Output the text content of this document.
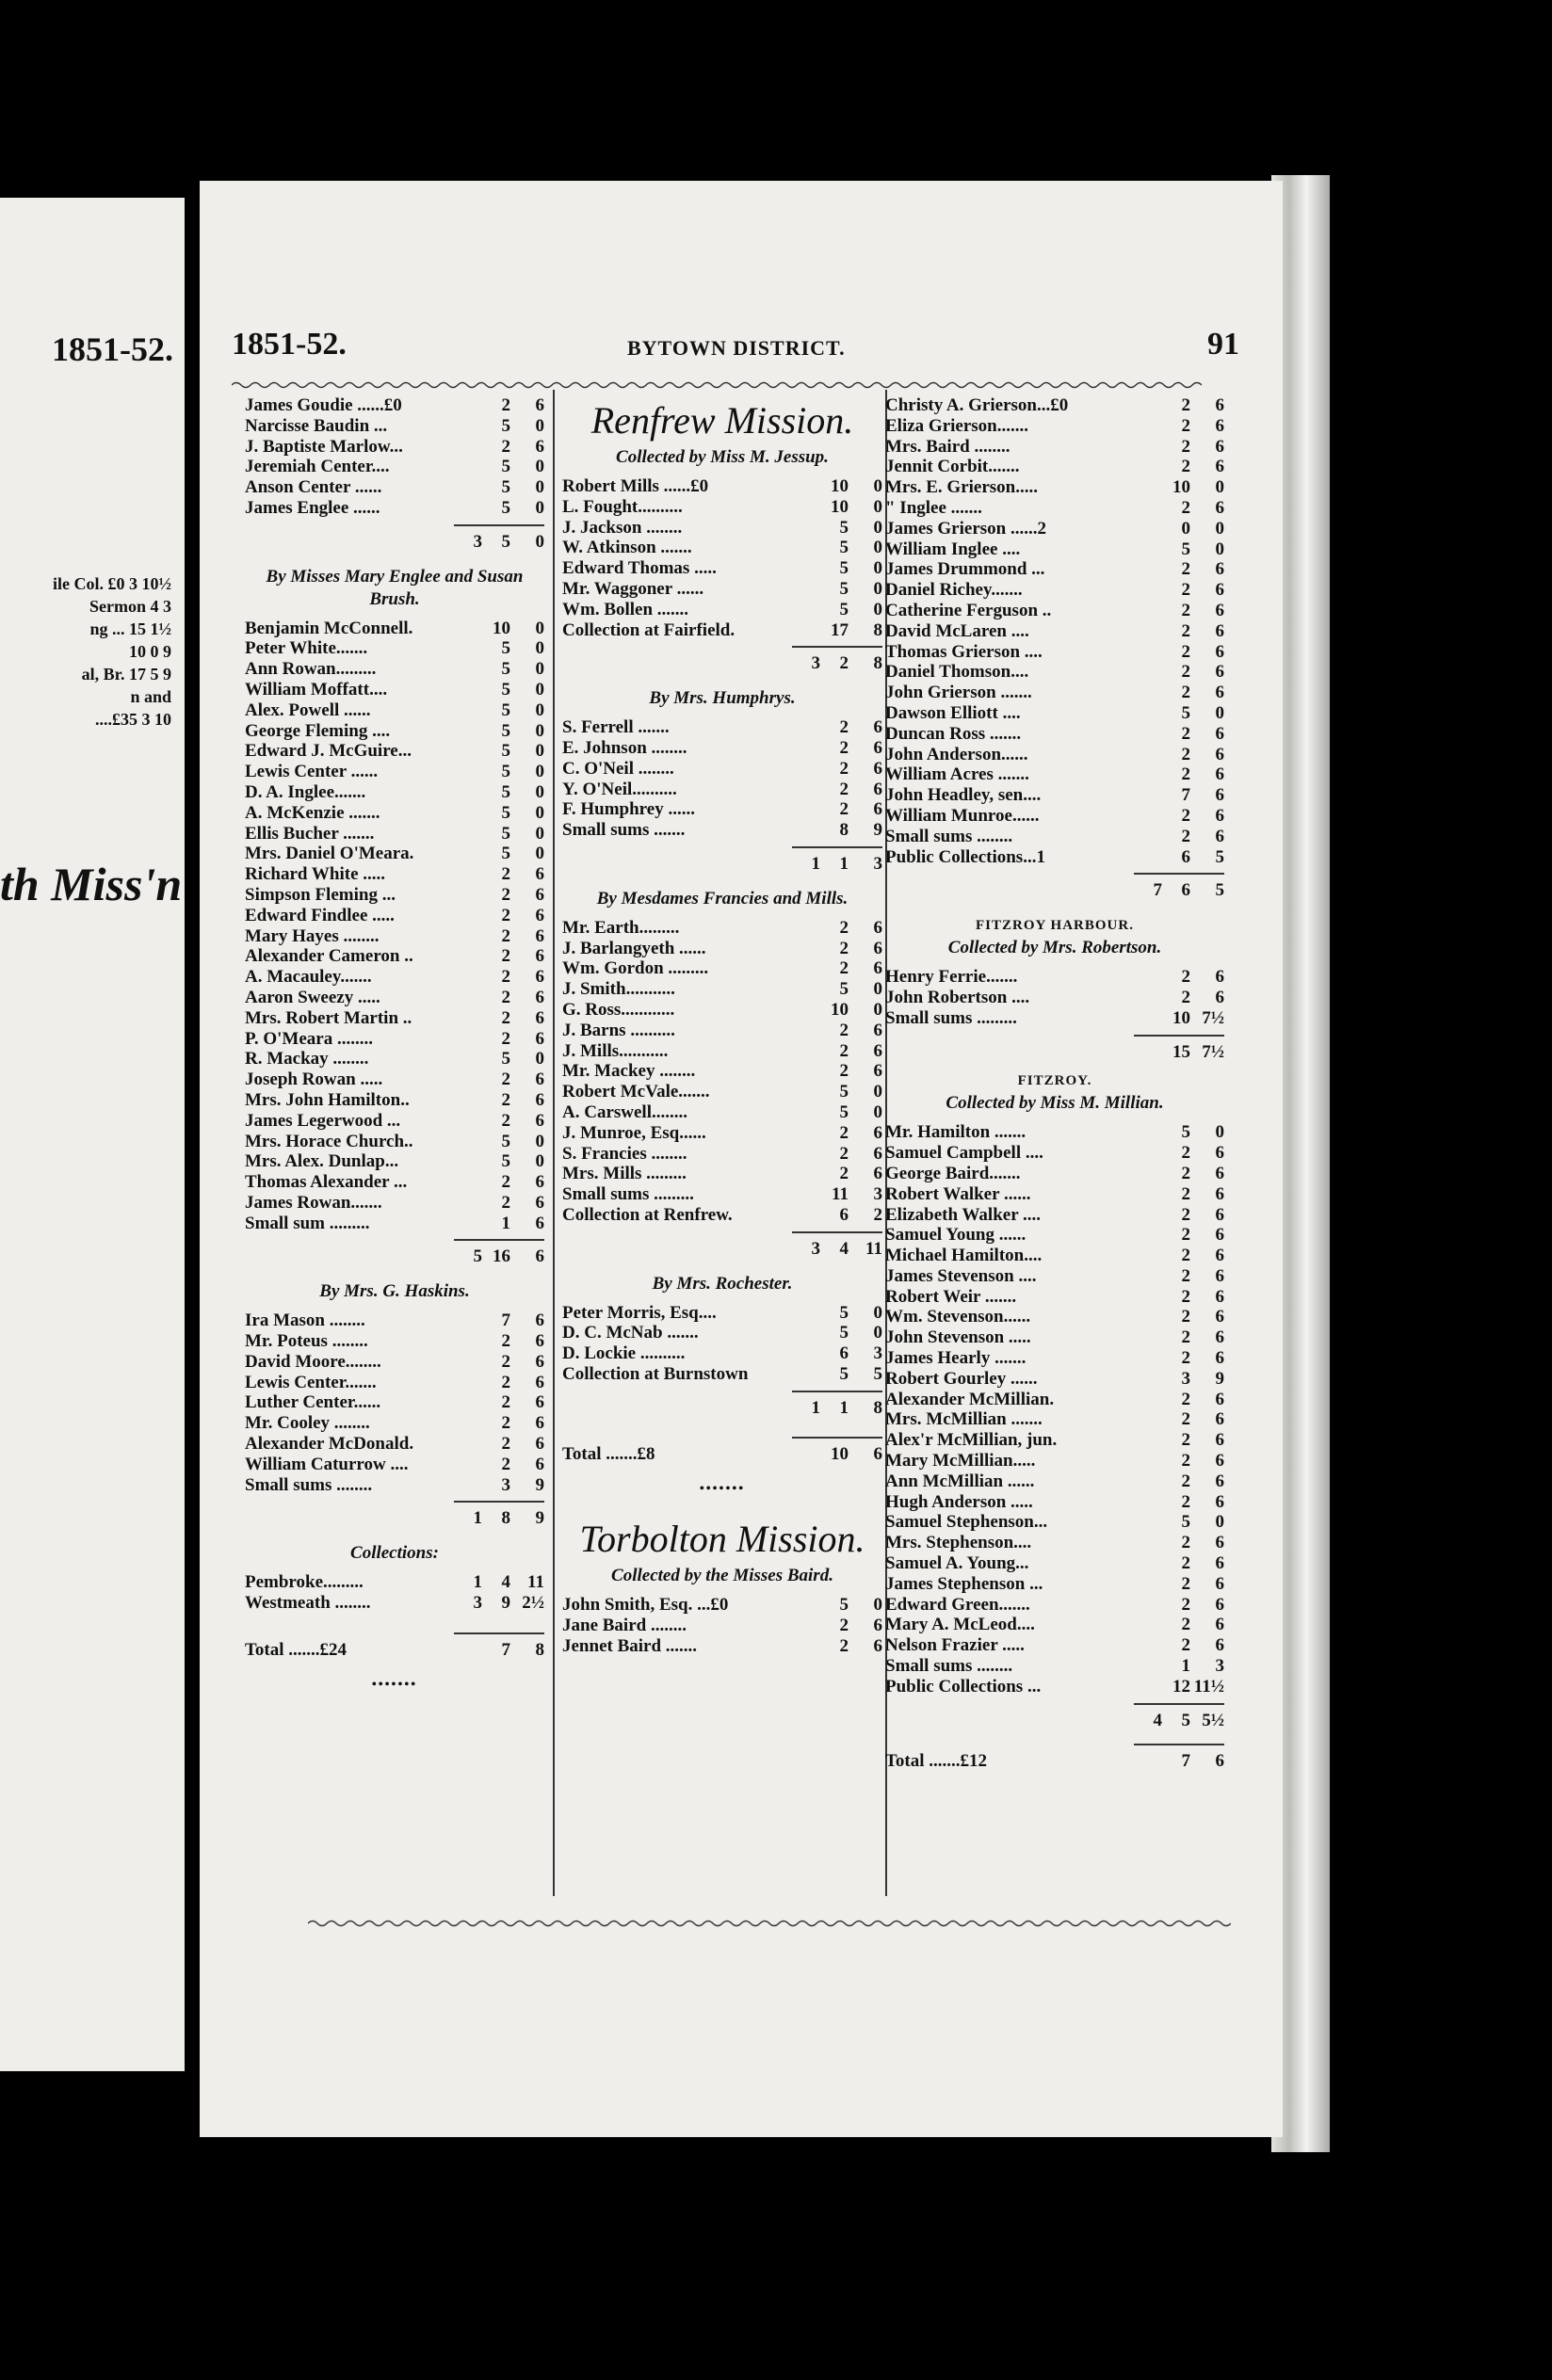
1851-52.
ile Col. £0 3 10½
Sermon 4 3
ng ... 15 1½
10 0 9
al, Br. 17 5 9
n and
....£35 3 10
th Miss'n
1851-52.	BYTOWN DISTRICT.	91
James Goudie ......£0	2	6
Narcisse Baudin ...	5	0
J. Baptiste Marlow...	2	6
Jeremiah Center....	5	0
Anson Center ......	5	0
James Englee ......	5	0
3	5	0
By Misses Mary Englee and Susan Brush.
Benjamin McConnell.	10	0
Peter White.......	5	0
Ann Rowan.........	5	0
William Moffatt....	5	0
Alex. Powell ......	5	0
George Fleming ....	5	0
Edward J. McGuire...	5	0
Lewis Center ......	5	0
D. A. Inglee.......	5	0
A. McKenzie .......	5	0
Ellis Bucher .......	5	0
Mrs. Daniel O'Meara.	5	0
Richard White .....	2	6
Simpson Fleming ...	2	6
Edward Findlee .....	2	6
Mary Hayes ........	2	6
Alexander Cameron ..	2	6
A. Macauley.......	2	6
Aaron Sweezy .....	2	6
Mrs. Robert Martin ..	2	6
P. O'Meara ........	2	6
R. Mackay ........	5	0
Joseph Rowan .....	2	6
Mrs. John Hamilton..	2	6
James Legerwood ...	2	6
Mrs. Horace Church..	5	0
Mrs. Alex. Dunlap...	5	0
Thomas Alexander ...	2	6
James Rowan.......	2	6
Small sum .........	1	6
5 16	6
By Mrs. G. Haskins.
Ira Mason ........	7	6
Mr. Poteus ........	2	6
David Moore........	2	6
Lewis Center.......	2	6
Luther Center......	2	6
Mr. Cooley ........	2	6
Alexander McDonald.	2	6
William Caturrow ....	2	6
Small sums ........	3	9
1	8	9
Collections:
Pembroke.........	1	4 11
Westmeath ........	3	9 2½
Total .......£24	7	8
•••••••
Renfrew Mission.
Collected by Miss M. Jessup.
Robert Mills ......£0	10	0
L. Fought..........	10	0
J. Jackson ........	5	0
W. Atkinson .......	5	0
Edward Thomas .....	5	0
Mr. Waggoner ......	5	0
Wm. Bollen .......	5	0
Collection at Fairfield.	17	8
3	2	8
By Mrs. Humphrys.
S. Ferrell .......	2	6
E. Johnson ........	2	6
C. O'Neil ........	2	6
Y. O'Neil..........	2	6
F. Humphrey ......	2	6
Small sums .......	8	9
1	1	3
By Mesdames Francies and Mills.
Mr. Earth.........	2	6
J. Barlangyeth ......	2	6
Wm. Gordon .........	2	6
J. Smith...........	5	0
G. Ross............	10	0
J. Barns ..........	2	6
J. Mills...........	2	6
Mr. Mackey ........	2	6
Robert McVale.......	5	0
A. Carswell........	5	0
J. Munroe, Esq......	2	6
S. Francies ........	2	6
Mrs. Mills .........	2	6
Small sums .........	11	3
Collection at Renfrew.	6	2
3	4 11
By Mrs. Rochester.
Peter Morris, Esq....	5	0
D. C. McNab .......	5	0
D. Lockie ..........	6	3
Collection at Burnstown	5	5
1	1	8
Total .......£8	10	6
•••••••
Torbolton Mission.
Collected by the Misses Baird.
John Smith, Esq. ...£0	5	0
Jane Baird ........	2	6
Jennet Baird .......	2	6
Christy A. Grierson...£0	2	6
Eliza Grierson.......	2	6
Mrs. Baird ........	2	6
Jennit Corbit.......	2	6
Mrs. E. Grierson.....	10	0
" Inglee .......	2	6
James Grierson ......2	0	0
William Inglee ....	5	0
James Drummond ...	2	6
Daniel Richey.......	2	6
Catherine Ferguson ..	2	6
David McLaren ....	2	6
Thomas Grierson ....	2	6
Daniel Thomson....	2	6
John Grierson .......	2	6
Dawson Elliott ....	5	0
Duncan Ross .......	2	6
John Anderson......	2	6
William Acres .......	2	6
John Headley, sen....	7	6
William Munroe......	2	6
Small sums ........	2	6
Public Collections...1	6	5
7	6	5
FITZROY HARBOUR.
Collected by Mrs. Robertson.
Henry Ferrie.......	2	6
John Robertson ....	2	6
Small sums .........	10 7½
15 7½
FITZROY.
Collected by Miss M. Millian.
Mr. Hamilton .......	5	0
Samuel Campbell ....	2	6
George Baird.......	2	6
Robert Walker ......	2	6
Elizabeth Walker ....	2	6
Samuel Young ......	2	6
Michael Hamilton....	2	6
James Stevenson ....	2	6
Robert Weir .......	2	6
Wm. Stevenson......	2	6
John Stevenson .....	2	6
James Hearly .......	2	6
Robert Gourley ......	3	9
Alexander McMillian.	2	6
Mrs. McMillian .......	2	6
Alex'r McMillian, jun.	2	6
Mary McMillian.....	2	6
Ann McMillian ......	2	6
Hugh Anderson .....	2	6
Samuel Stephenson...	5	0
Mrs. Stephenson....	2	6
Samuel A. Young...	2	6
James Stephenson ...	2	6
Edward Green.......	2	6
Mary A. McLeod....	2	6
Nelson Frazier .....	2	6
Small sums ........	1	3
Public Collections ...	12 11½
4	5 5½
Total .......£12	7	6
